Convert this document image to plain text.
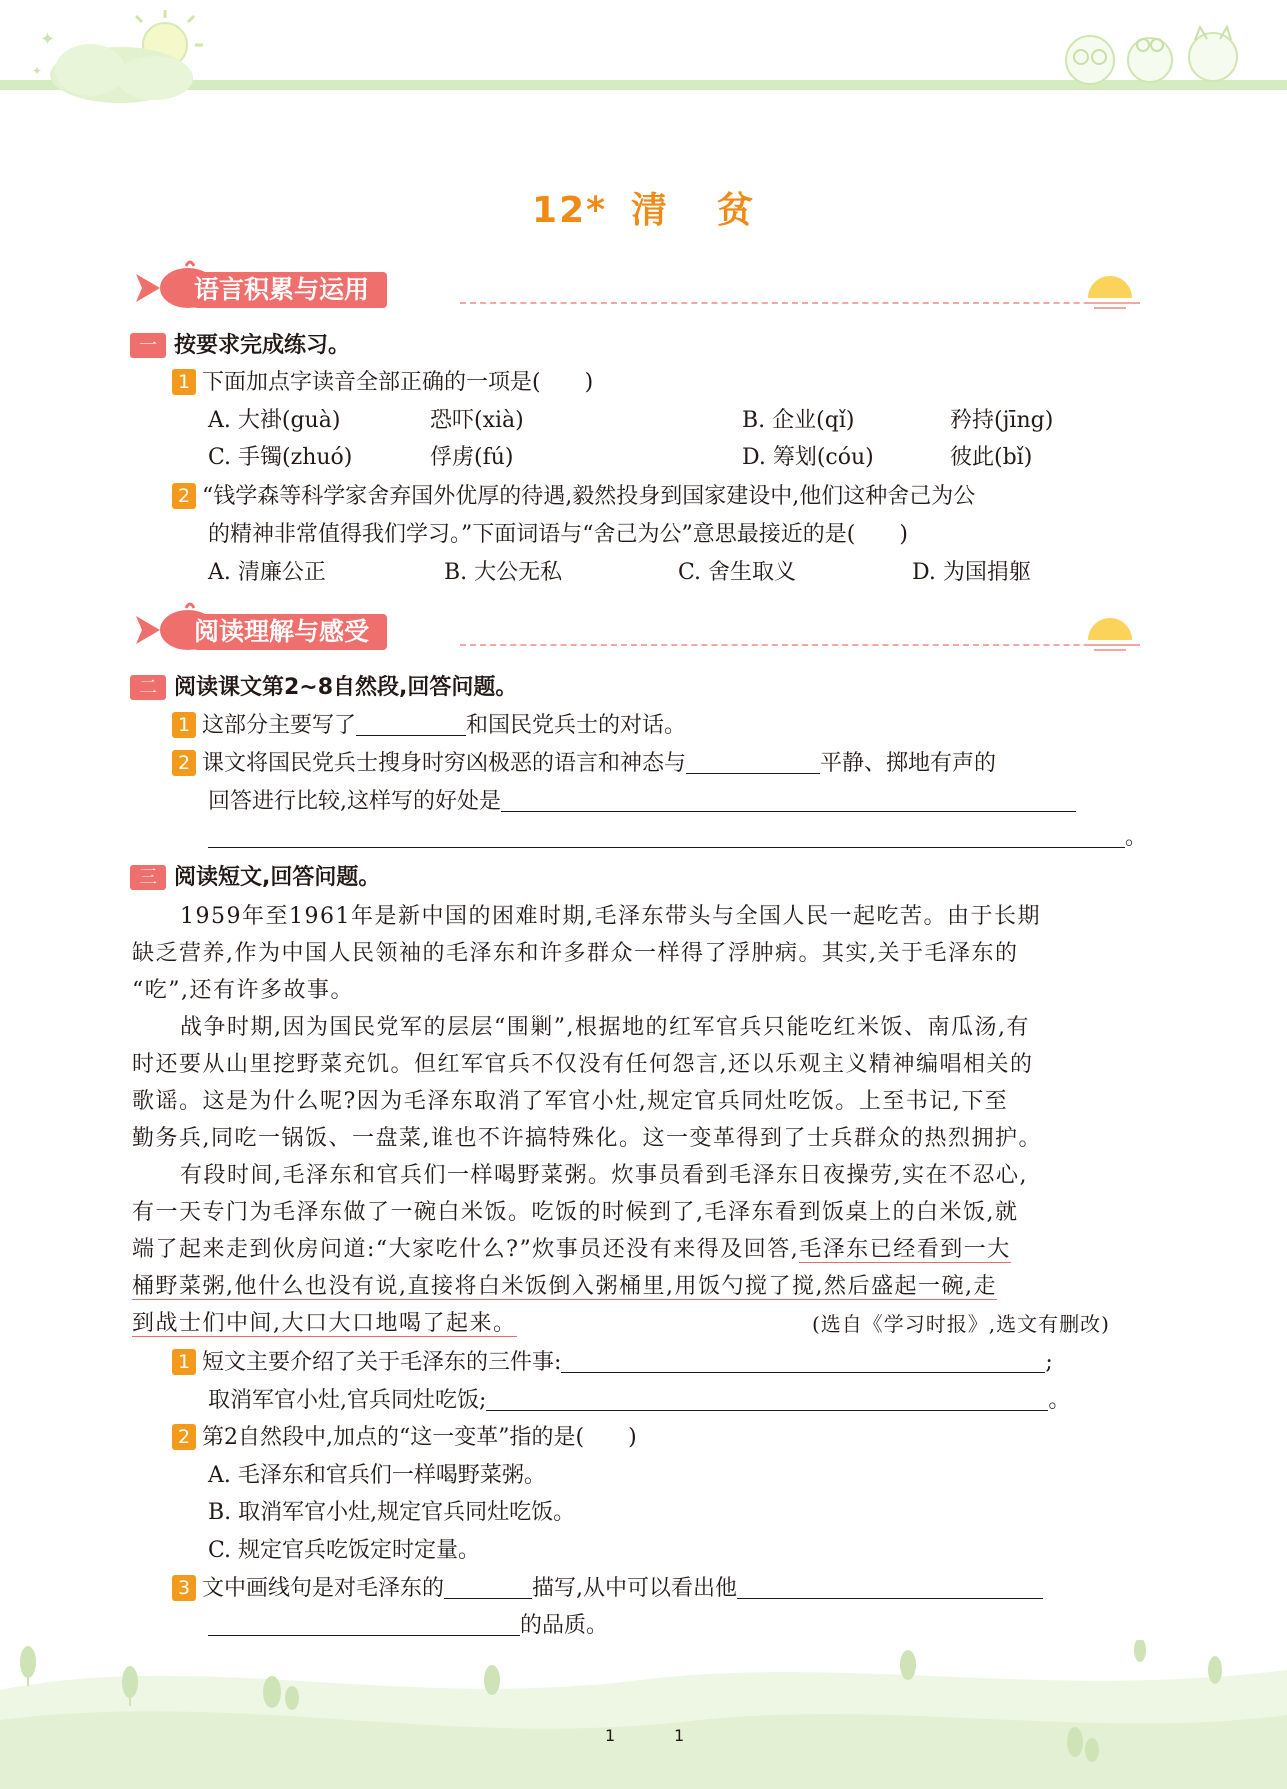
✦
✦
12* 清 贫
语言积累与运用
一 按要求完成练习。
1 下面加点字读音全部正确的一项是(　　)
A. 大褂(guà)	恐吓(xià)	B. 企业(qǐ)	矜持(jīng)
C. 手镯(zhuó)	俘虏(fú)	D. 筹划(cóu)	彼此(bǐ)
2 “钱学森等科学家舍弃国外优厚的待遇,毅然投身到国家建设中,他们这种舍己为公
的精神非常值得我们学习。”下面词语与“舍己为公”意思最接近的是(　　)
A. 清廉公正	B. 大公无私	C. 舍生取义	D. 为国捐躯
阅读理解与感受
二 阅读课文第2~8自然段,回答问题。
1 这部分主要写了	和国民党兵士的对话。
2 课文将国民党兵士搜身时穷凶极恶的语言和神态与	平静、掷地有声的
回答进行比较,这样写的好处是
。
三 阅读短文,回答问题。
1959年至1961年是新中国的困难时期,毛泽东带头与全国人民一起吃苦。由于长期
缺乏营养,作为中国人民领袖的毛泽东和许多群众一样得了浮肿病。其实,关于毛泽东的
“吃”,还有许多故事。
战争时期,因为国民党军的层层“围剿”,根据地的红军官兵只能吃红米饭、南瓜汤,有
时还要从山里挖野菜充饥。但红军官兵不仅没有任何怨言,还以乐观主义精神编唱相关的
歌谣。这是为什么呢?因为毛泽东取消了军官小灶,规定官兵同灶吃饭。上至书记,下至
勤务兵,同吃一锅饭、一盘菜,谁也不许搞特殊化。这一变革得到了士兵群众的热烈拥护。
有段时间,毛泽东和官兵们一样喝野菜粥。炊事员看到毛泽东日夜操劳,实在不忍心,
有一天专门为毛泽东做了一碗白米饭。吃饭的时候到了,毛泽东看到饭桌上的白米饭,就
端了起来走到伙房问道:“大家吃什么?”炊事员还没有来得及回答,毛泽东已经看到一大
桶野菜粥,他什么也没有说,直接将白米饭倒入粥桶里,用饭勺搅了搅,然后盛起一碗,走
到战士们中间,大口大口地喝了起来。	(选自《学习时报》,选文有删改)
1 短文主要介绍了关于毛泽东的三件事:	;
取消军官小灶,官兵同灶吃饭;	。
2 第2自然段中,加点的“这一变革”指的是(　　)
A. 毛泽东和官兵们一样喝野菜粥。
B. 取消军官小灶,规定官兵同灶吃饭。
C. 规定官兵吃饭定时定量。
3 文中画线句是对毛泽东的	描写,从中可以看出他
的品质。
1	1
